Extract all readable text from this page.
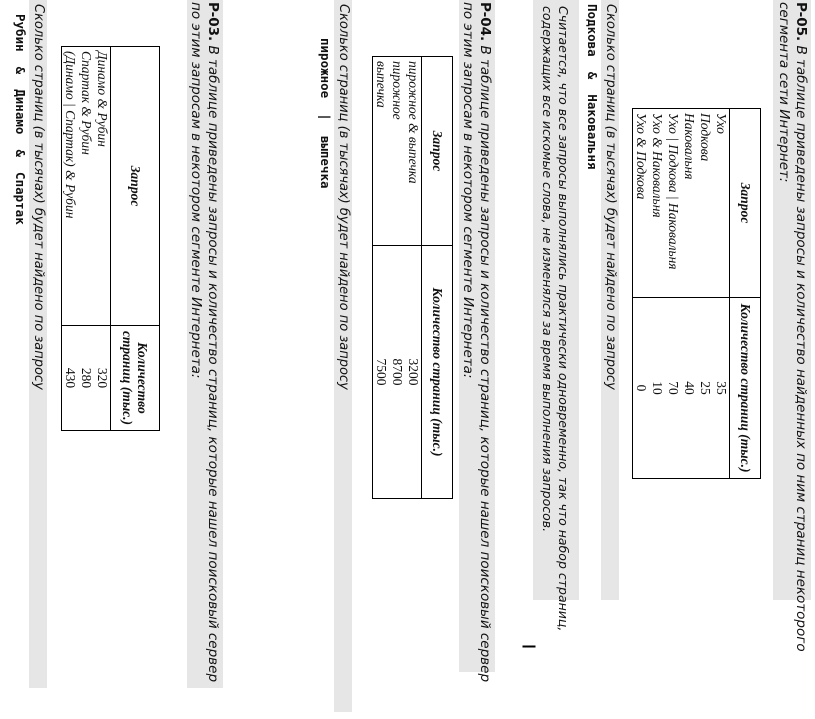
P-05. В таблице приведены запросы и количество найденных по ним страниц некоторого
сегмента сети Интернет:
Запрос	Количество страниц (тыс.)
Ухо	35
Подкова	25
Наковальня	40
Ухо | Подкова | Наковальня	70
Ухо & Наковальня	10
Ухо & Подкова	0
Сколько страниц (в тысячах) будет найдено по запросу
Подкова  &  Наковальня
Считается, что все запросы выполнялись практически одновременно, так что набор страниц,
содержащих все искомые слова, не изменялся за время выполнения запросов.
P-04. В таблице приведены запросы и количество страниц, которые нашел поисковый сервер
по этим запросам в некотором сегменте Интернета:
Запрос	Количество страниц (тыс.)
пирожное & выпечка	3200
пирожное	8700
выпечка	7500
Сколько страниц (в тысячах) будет найдено по запросу
пирожное  |  выпечка
P-03. В таблице приведены запросы и количество страниц, которые нашел поисковый сервер
по этим запросам в некотором сегменте Интернета:
Запрос	Количество
страниц (тыс.)

Динамо & Рубин	320
Спартак & Рубин	280
(Динамо | Спартак) & Рубин	430
Сколько страниц (в тысячах) будет найдено по запросу
Рубин  &  Динамо  &  Спартак
